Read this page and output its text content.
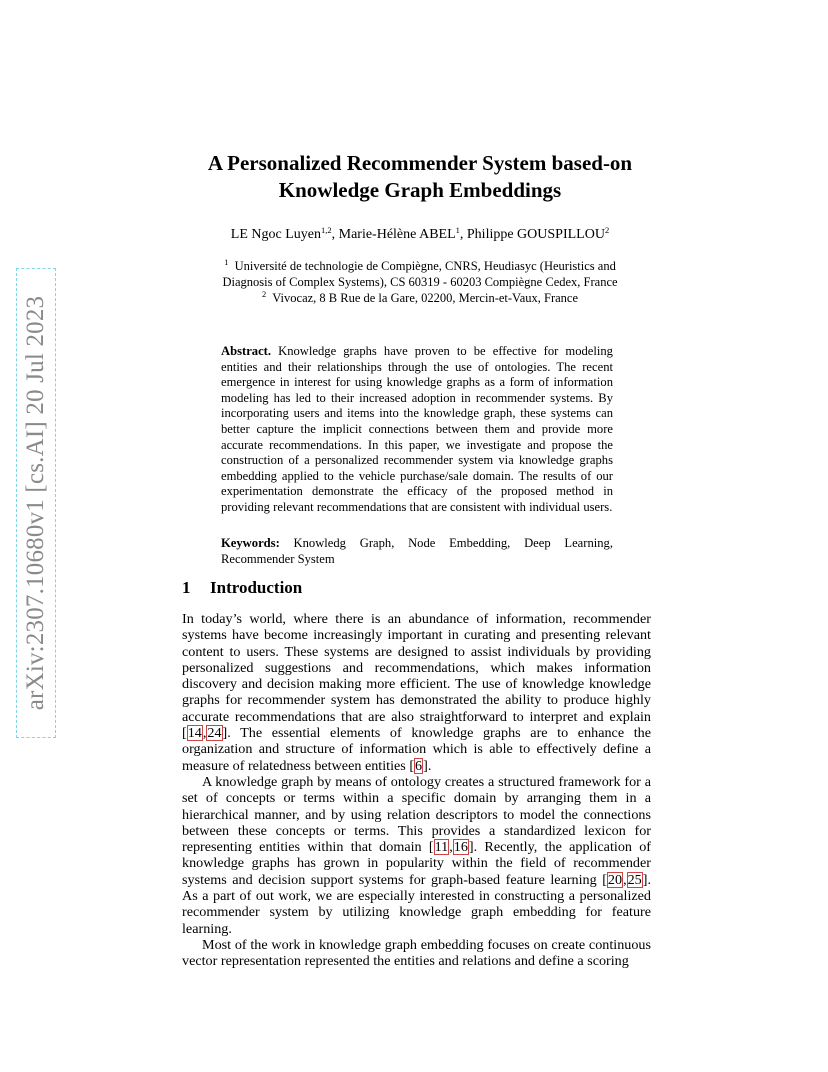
arXiv:2307.10680v1 [cs.AI] 20 Jul 2023
A Personalized Recommender System based-on
Knowledge Graph Embeddings
LE Ngoc Luyen$^{1,2}$, Marie-Hélène ABEL$^1$, Philippe GOUSPILLOU$^2$
$^1$ Université de technologie de Compiègne, CNRS, Heudiasyc (Heuristics and
Diagnosis of Complex Systems), CS 60319 - 60203 Compiègne Cedex, France
$^2$ Vivocaz, 8 B Rue de la Gare, 02200, Mercin-et-Vaux, France
Abstract. Knowledge graphs have proven to be effective for modeling entities and their relationships through the use of ontologies. The recent emergence in interest for using knowledge graphs as a form of information modeling has led to their increased adoption in recommender systems. By incorporating users and items into the knowledge graph, these systems can better capture the implicit connections between them and provide more accurate recommendations. In this paper, we investigate and propose the construction of a personalized recommender system via knowledge graphs embedding applied to the vehicle purchase/sale domain. The results of our experimentation demonstrate the efficacy of the proposed method in providing relevant recommendations that are consistent with individual users.
Keywords: Knowledg Graph, Node Embedding, Deep Learning, Recommender System
1 Introduction

In today’s world, where there is an abundance of information, recommender systems have become increasingly important in curating and presenting relevant content to users. These systems are designed to assist individuals by providing personalized suggestions and recommendations, which makes information discovery and decision making more efficient. The use of knowledge knowledge graphs for recommender system has demonstrated the ability to produce highly accurate recommendations that are also straightforward to interpret and explain [14,24]. The essential elements of knowledge graphs are to enhance the organization and structure of information which is able to effectively define a measure of relatedness between entities [6].

A knowledge graph by means of ontology creates a structured framework for a set of concepts or terms within a specific domain by arranging them in a hierarchical manner, and by using relation descriptors to model the connections between these concepts or terms. This provides a standardized lexicon for representing entities within that domain [11,16]. Recently, the application of knowledge graphs has grown in popularity within the field of recommender systems and decision support systems for graph-based feature learning [20,25]. As a part of out work, we are especially interested in constructing a personalized recommender system by utilizing knowledge graph embedding for feature learning.

Most of the work in knowledge graph embedding focuses on create continuous vector representation represented the entities and relations and define a scoring
